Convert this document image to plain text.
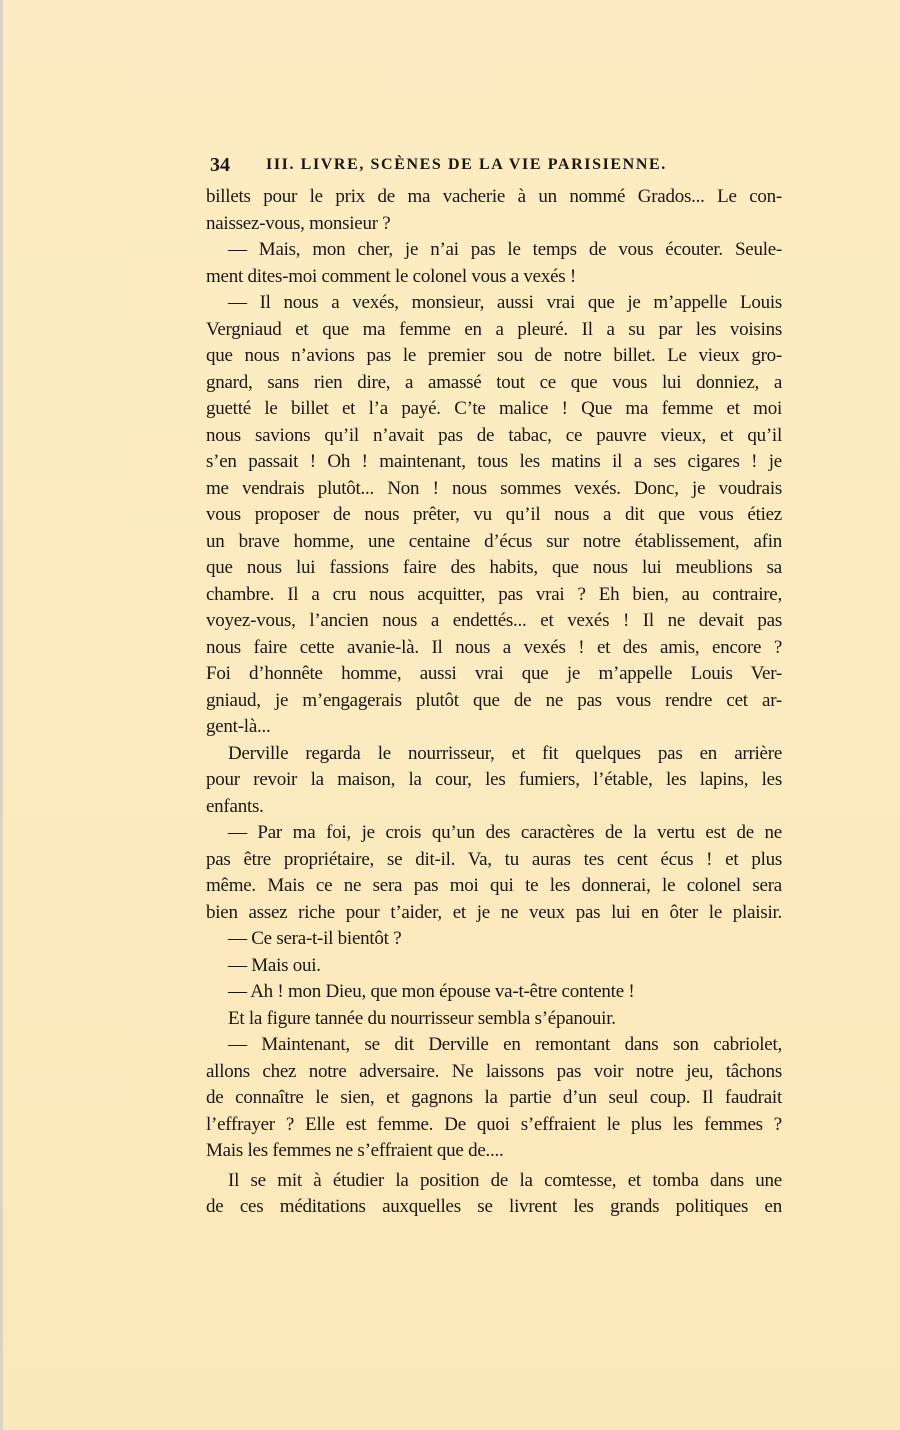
34 III. LIVRE, SCÈNES DE LA VIE PARISIENNE.
billets pour le prix de ma vacherie à un nommé Grados... Le con-
naissez-vous, monsieur ?
— Mais, mon cher, je n’ai pas le temps de vous écouter. Seule-
ment dites-moi comment le colonel vous a vexés !
— Il nous a vexés, monsieur, aussi vrai que je m’appelle Louis
Vergniaud et que ma femme en a pleuré. Il a su par les voisins
que nous n’avions pas le premier sou de notre billet. Le vieux gro-
gnard, sans rien dire, a amassé tout ce que vous lui donniez, a
guetté le billet et l’a payé. C’te malice ! Que ma femme et moi
nous savions qu’il n’avait pas de tabac, ce pauvre vieux, et qu’il
s’en passait ! Oh ! maintenant, tous les matins il a ses cigares ! je
me vendrais plutôt... Non ! nous sommes vexés. Donc, je voudrais
vous proposer de nous prêter, vu qu’il nous a dit que vous étiez
un brave homme, une centaine d’écus sur notre établissement, afin
que nous lui fassions faire des habits, que nous lui meublions sa
chambre. Il a cru nous acquitter, pas vrai ? Eh bien, au contraire,
voyez-vous, l’ancien nous a endettés... et vexés ! Il ne devait pas
nous faire cette avanie-là. Il nous a vexés ! et des amis, encore ?
Foi d’honnête homme, aussi vrai que je m’appelle Louis Ver-
gniaud, je m’engagerais plutôt que de ne pas vous rendre cet ar-
gent-là...
Derville regarda le nourrisseur, et fit quelques pas en arrière
pour revoir la maison, la cour, les fumiers, l’étable, les lapins, les
enfants.
— Par ma foi, je crois qu’un des caractères de la vertu est de ne
pas être propriétaire, se dit-il. Va, tu auras tes cent écus ! et plus
même. Mais ce ne sera pas moi qui te les donnerai, le colonel sera
bien assez riche pour t’aider, et je ne veux pas lui en ôter le plaisir.
— Ce sera-t-il bientôt ?
— Mais oui.
— Ah ! mon Dieu, que mon épouse va-t-être contente !
Et la figure tannée du nourrisseur sembla s’épanouir.
— Maintenant, se dit Derville en remontant dans son cabriolet,
allons chez notre adversaire. Ne laissons pas voir notre jeu, tâchons
de connaître le sien, et gagnons la partie d’un seul coup. Il faudrait
l’effrayer ? Elle est femme. De quoi s’effraient le plus les femmes ?
Mais les femmes ne s’effraient que de....
Il se mit à étudier la position de la comtesse, et tomba dans une
de ces méditations auxquelles se livrent les grands politiques en
